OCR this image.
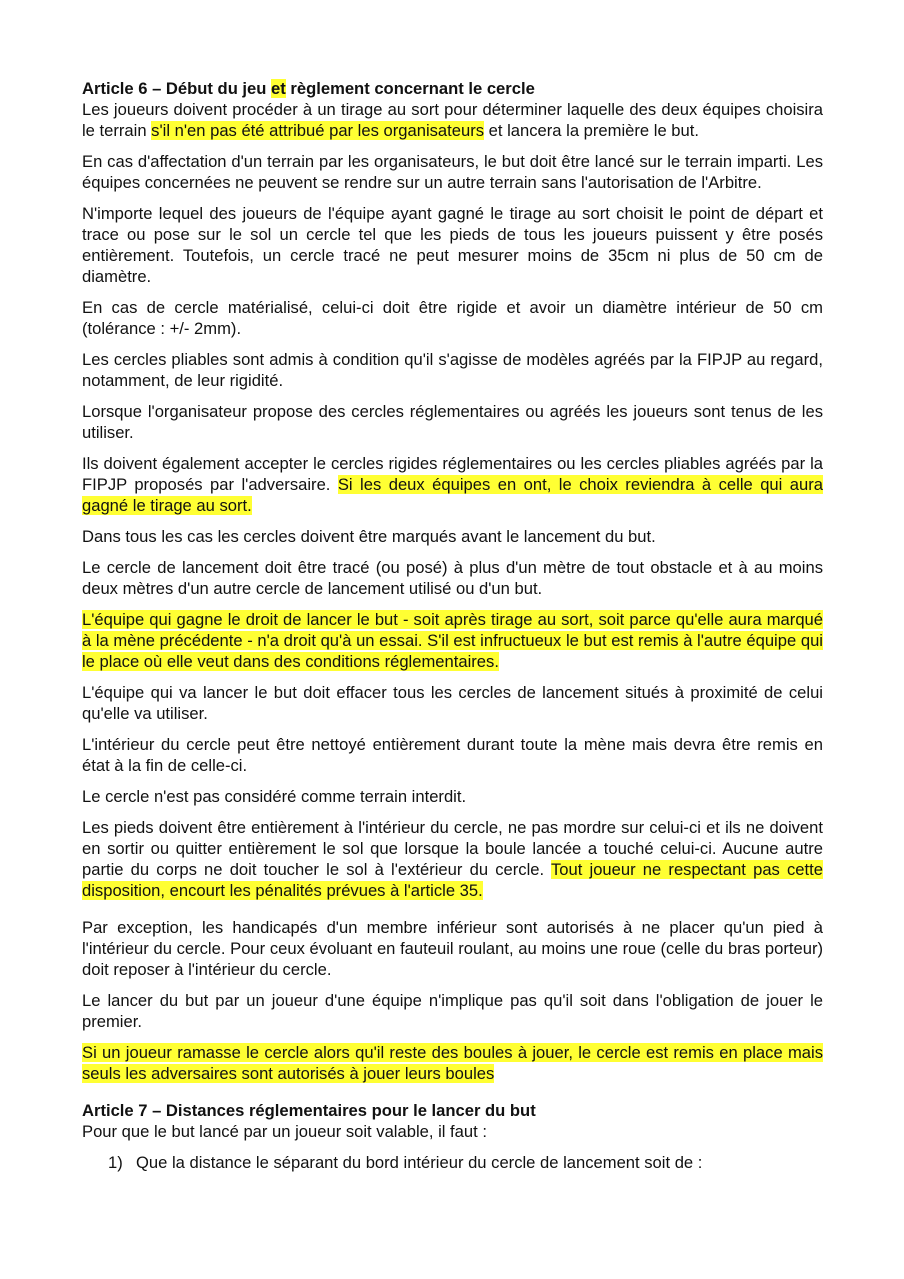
Article 6 – Début du jeu et règlement concernant le cercle

Les joueurs doivent procéder à un tirage au sort pour déterminer laquelle des deux équipes choisira le terrain s'il n'en pas été attribué par les organisateurs et lancera la première le but.

En cas d'affectation d'un terrain par les organisateurs, le but doit être lancé sur le terrain imparti. Les équipes concernées ne peuvent se rendre sur un autre terrain sans l'autorisation de l'Arbitre.

N'importe lequel des joueurs de l'équipe ayant gagné le tirage au sort choisit le point de départ et trace ou pose sur le sol un cercle tel que les pieds de tous les joueurs puissent y être posés entièrement. Toutefois, un cercle tracé ne peut mesurer moins de 35cm ni plus de 50 cm de diamètre.

En cas de cercle matérialisé, celui-ci doit être rigide et avoir un diamètre intérieur de 50 cm (tolérance : +/- 2mm).

Les cercles pliables sont admis à condition qu'il s'agisse de modèles agréés par la FIPJP au regard, notamment, de leur rigidité.

Lorsque l'organisateur propose des cercles réglementaires ou agréés les joueurs sont tenus de les utiliser.

Ils doivent également accepter le cercles rigides réglementaires ou les cercles pliables agréés par la FIPJP proposés par l'adversaire. Si les deux équipes en ont, le choix reviendra à celle qui aura gagné le tirage au sort.

Dans tous les cas les cercles doivent être marqués avant le lancement du but.

Le cercle de lancement doit être tracé (ou posé) à plus d'un mètre de tout obstacle et à au moins deux mètres d'un autre cercle de lancement utilisé ou d'un but.

L'équipe qui gagne le droit de lancer le but - soit après tirage au sort, soit parce qu'elle aura marqué à la mène précédente - n'a droit qu'à un essai. S'il est infructueux le but est remis à l'autre équipe qui le place où elle veut dans des conditions réglementaires.

L'équipe qui va lancer le but doit effacer tous les cercles de lancement situés à proximité de celui qu'elle va utiliser.

L'intérieur du cercle peut être nettoyé entièrement durant toute la mène mais devra être remis en état à la fin de celle-ci.

Le cercle n'est pas considéré comme terrain interdit.

Les pieds doivent être entièrement à l'intérieur du cercle, ne pas mordre sur celui-ci et ils ne doivent en sortir ou quitter entièrement le sol que lorsque la boule lancée a touché celui-ci. Aucune autre partie du corps ne doit toucher le sol à l'extérieur du cercle. Tout joueur ne respectant pas cette disposition, encourt les pénalités prévues à l'article 35.

Par exception, les handicapés d'un membre inférieur sont autorisés à ne placer qu'un pied à l'intérieur du cercle. Pour ceux évoluant en fauteuil roulant, au moins une roue (celle du bras porteur) doit reposer à l'intérieur du cercle.

Le lancer du but par un joueur d'une équipe n'implique pas qu'il soit dans l'obligation de jouer le premier.

Si un joueur ramasse le cercle alors qu'il reste des boules à jouer, le cercle est remis en place mais seuls les adversaires sont autorisés à jouer leurs boules

Article 7 – Distances réglementaires pour le lancer du but

Pour que le but lancé par un joueur soit valable, il faut :

1) Que la distance le séparant du bord intérieur du cercle de lancement soit de :
